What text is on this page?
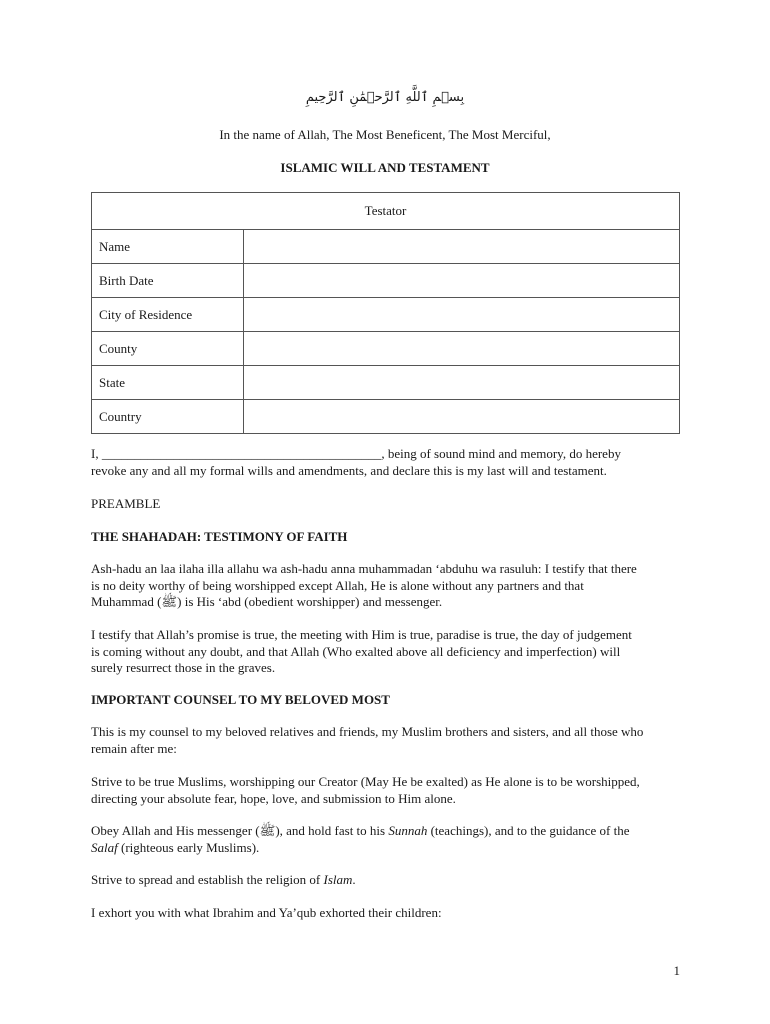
بِسۡمِ ٱللَّهِ ٱلرَّحۡمَٰنِ ٱلرَّحِيمِ
In the name of Allah, The Most Beneficent, The Most Merciful,
ISLAMIC WILL AND TESTAMENT
Testator	
Name	
Birth Date	
City of Residence	
County	
State	
Country	
I, ___________________________________________, being of sound mind and memory, do hereby
revoke any and all my formal wills and amendments, and declare this is my last will and testament.
PREAMBLE
THE SHAHADAH: TESTIMONY OF FAITH
Ash-hadu an laa ilaha illa allahu wa ash-hadu anna muhammadan ‘abduhu wa rasuluh: I testify that there
is no deity worthy of being worshipped except Allah, He is alone without any partners and that
Muhammad (ﷺ) is His ‘abd (obedient worshipper) and messenger.
I testify that Allah’s promise is true, the meeting with Him is true, paradise is true, the day of judgement
is coming without any doubt, and that Allah (Who exalted above all deficiency and imperfection) will
surely resurrect those in the graves.
IMPORTANT COUNSEL TO MY BELOVED MOST
This is my counsel to my beloved relatives and friends, my Muslim brothers and sisters, and all those who
remain after me:
Strive to be true Muslims, worshipping our Creator (May He be exalted) as He alone is to be worshipped,
directing your absolute fear, hope, love, and submission to Him alone.
Obey Allah and His messenger (ﷺ), and hold fast to his Sunnah (teachings), and to the guidance of the
Salaf (righteous early Muslims).
Strive to spread and establish the religion of Islam.
I exhort you with what Ibrahim and Ya’qub exhorted their children:
1
